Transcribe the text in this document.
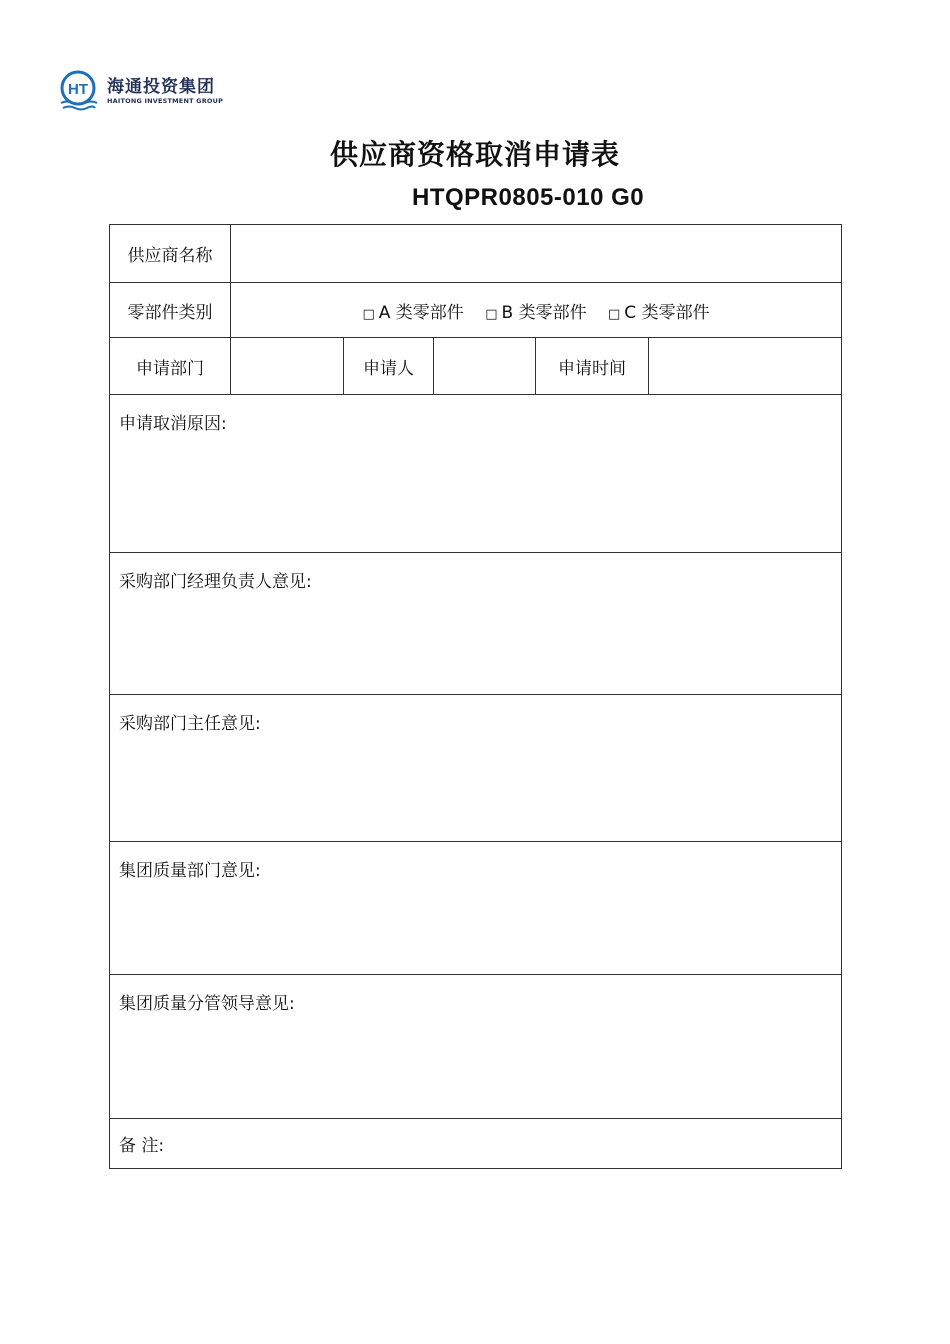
HT 海通投资集团
HAITONG INVESTMENT GROUP
供应商资格取消申请表
HTQPR0805-010 G0
供应商名称					
零部件类别	□ A 类零部件 □ B 类零部件 □ C 类零部件				
申请部门		申请人		申请时间	
申请取消原因:					
采购部门经理负责人意见:					
采购部门主任意见:					
集团质量部门意见:					
集团质量分管领导意见:					
备 注:					
